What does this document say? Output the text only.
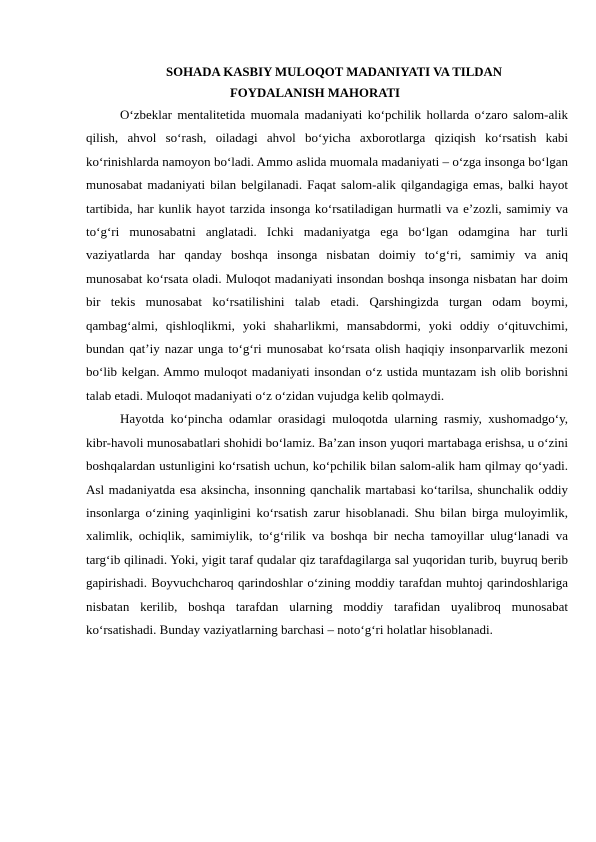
SOHADA KASBIY MULOQOT MADANIYATI VA TILDAN
FOYDALANISH MAHORATI

O‘zbeklar mentalitetida muomala madaniyati ko‘pchilik hollarda o‘zaro salom-alik qilish, ahvol so‘rash, oiladagi ahvol bo‘yicha axborotlarga qiziqish ko‘rsatish kabi ko‘rinishlarda namoyon bo‘ladi. Ammo aslida muomala madaniyati – o‘zga insonga bo‘lgan munosabat madaniyati bilan belgilanadi. Faqat salom-alik qilgandagiga emas, balki hayot tartibida, har kunlik hayot tarzida insonga ko‘rsatiladigan hurmatli va e’zozli, samimiy va to‘g‘ri munosabatni anglatadi. Ichki madaniyatga ega bo‘lgan odamgina har turli vaziyatlarda har qanday boshqa insonga nisbatan doimiy to‘g‘ri, samimiy va aniq munosabat ko‘rsata oladi. Muloqot madaniyati insondan boshqa insonga nisbatan har doim bir tekis munosabat ko‘rsatilishini talab etadi. Qarshingizda turgan odam boymi, qambag‘almi, qishloqlikmi, yoki shaharlikmi, mansabdormi, yoki oddiy o‘qituvchimi, bundan qat’iy nazar unga to‘g‘ri munosabat ko‘rsata olish haqiqiy insonparvarlik mezoni bo‘lib kelgan. Ammo muloqot madaniyati insondan o‘z ustida muntazam ish olib borishni talab etadi. Muloqot madaniyati o‘z o‘zidan vujudga kelib qolmaydi.

Hayotda ko‘pincha odamlar orasidagi muloqotda ularning rasmiy, xushomadgo‘y, kibr-havoli munosabatlari shohidi bo‘lamiz. Ba’zan inson yuqori martabaga erishsa, u o‘zini boshqalardan ustunligini ko‘rsatish uchun, ko‘pchilik bilan salom-alik ham qilmay qo‘yadi. Asl madaniyatda esa aksincha, insonning qanchalik martabasi ko‘tarilsa, shunchalik oddiy insonlarga o‘zining yaqinligini ko‘rsatish zarur hisoblanadi. Shu bilan birga muloyimlik, xalimlik, ochiqlik, samimiylik, to‘g‘rilik va boshqa bir necha tamoyillar ulug‘lanadi va targ‘ib qilinadi. Yoki, yigit taraf qudalar qiz tarafdagilarga sal yuqoridan turib, buyruq berib gapirishadi. Boyvuchcharoq qarindoshlar o‘zining moddiy tarafdan muhtoj qarindoshlariga nisbatan kerilib, boshqa tarafdan ularning moddiy tarafidan uyalibroq munosabat ko‘rsatishadi. Bunday vaziyatlarning barchasi – noto‘g‘ri holatlar hisoblanadi.
